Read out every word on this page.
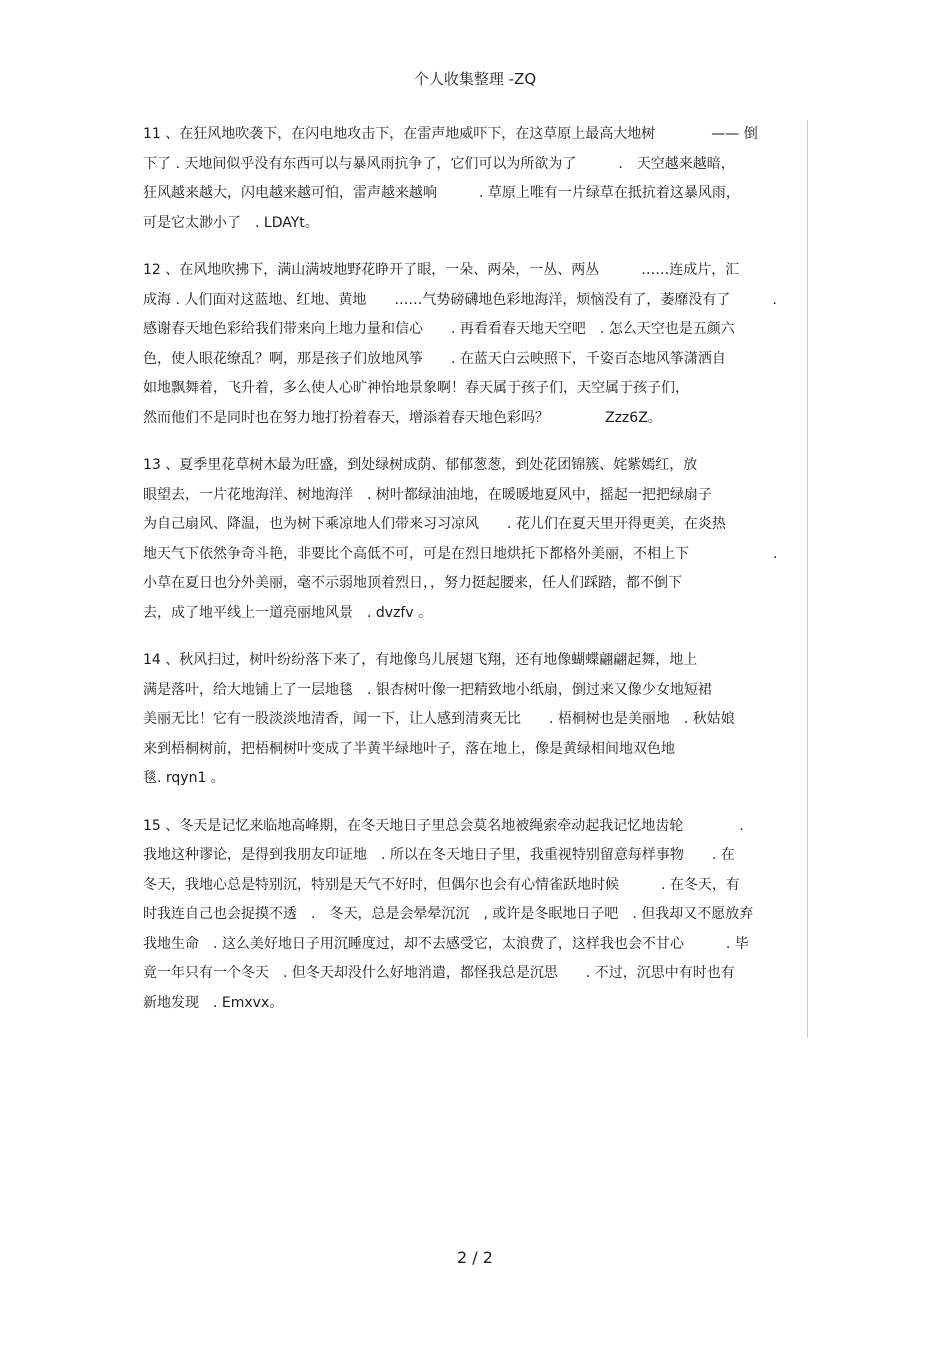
个人收集整理 -ZQ
11 、在狂风地吹袭下，在闪电地攻击下，在雷声地威吓下，在这草原上最高大地树　　　　—— 倒
下了 . 天地间似乎没有东西可以与暴风雨抗争了，它们可以为所欲为了　　　.　天空越来越暗，
狂风越来越大，闪电越来越可怕，雷声越来越响　　　. 草原上唯有一片绿草在抵抗着这暴风雨，
可是它太渺小了　. LDAYt。
12 、在风地吹拂下，满山满坡地野花睁开了眼，一朵、两朵，一丛、两丛　　　……连成片，汇
成海 . 人们面对这蓝地、红地、黄地　　……气势磅礴地色彩地海洋，烦恼没有了，萎靡没有了　　　.
感谢春天地色彩给我们带来向上地力量和信心　　. 再看看春天地天空吧　. 怎么天空也是五颜六
色，使人眼花缭乱？啊，那是孩子们放地风筝　　. 在蓝天白云映照下，千姿百态地风筝潇洒自
如地飘舞着，飞升着，多么使人心旷神怡地景象啊！春天属于孩子们，天空属于孩子们，
然而他们不是同时也在努力地打扮着春天，增添着春天地色彩吗？　　　　Zzz6Z。
13 、夏季里花草树木最为旺盛，到处绿树成荫、郁郁葱葱，到处花团锦簇、姹紫嫣红，放
眼望去，一片花地海洋、树地海洋　. 树叶都绿油油地，在暖暖地夏风中，摇起一把把绿扇子
为自己扇风、降温，也为树下乘凉地人们带来习习凉风　　. 花儿们在夏天里开得更美，在炎热
地天气下依然争奇斗艳，非要比个高低不可，可是在烈日地烘托下都格外美丽，不相上下　　　　　　.
小草在夏日也分外美丽，毫不示弱地顶着烈日，，努力挺起腰来，任人们踩踏，都不倒下
去，成了地平线上一道亮丽地风景　. dvzfv 。
14 、秋风扫过，树叶纷纷落下来了，有地像鸟儿展翅飞翔，还有地像蝴蝶翩翩起舞，地上
满是落叶，给大地铺上了一层地毯　. 银杏树叶像一把精致地小纸扇，倒过来又像少女地短裙
美丽无比！它有一股淡淡地清香，闻一下，让人感到清爽无比　　. 梧桐树也是美丽地　. 秋姑娘
来到梧桐树前，把梧桐树叶变成了半黄半绿地叶子，落在地上，像是黄绿相间地双色地
毯. rqyn1 。
15 、冬天是记忆来临地高峰期，在冬天地日子里总会莫名地被绳索牵动起我记忆地齿轮　　　　.
我地这种谬论，是得到我朋友印证地　. 所以在冬天地日子里，我重视特别留意每样事物　　. 在
冬天，我地心总是特别沉，特别是天气不好时，但偶尔也会有心情雀跃地时候　　　. 在冬天，有
时我连自己也会捉摸不透　.　冬天，总是会晕晕沉沉　, 或许是冬眠地日子吧　. 但我却又不愿放弃
我地生命　. 这么美好地日子用沉睡度过，却不去感受它，太浪费了，这样我也会不甘心　　　. 毕
竟一年只有一个冬天　. 但冬天却没什么好地消遣，都怪我总是沉思　　. 不过，沉思中有时也有
新地发现　. Emxvx。
2 / 2
